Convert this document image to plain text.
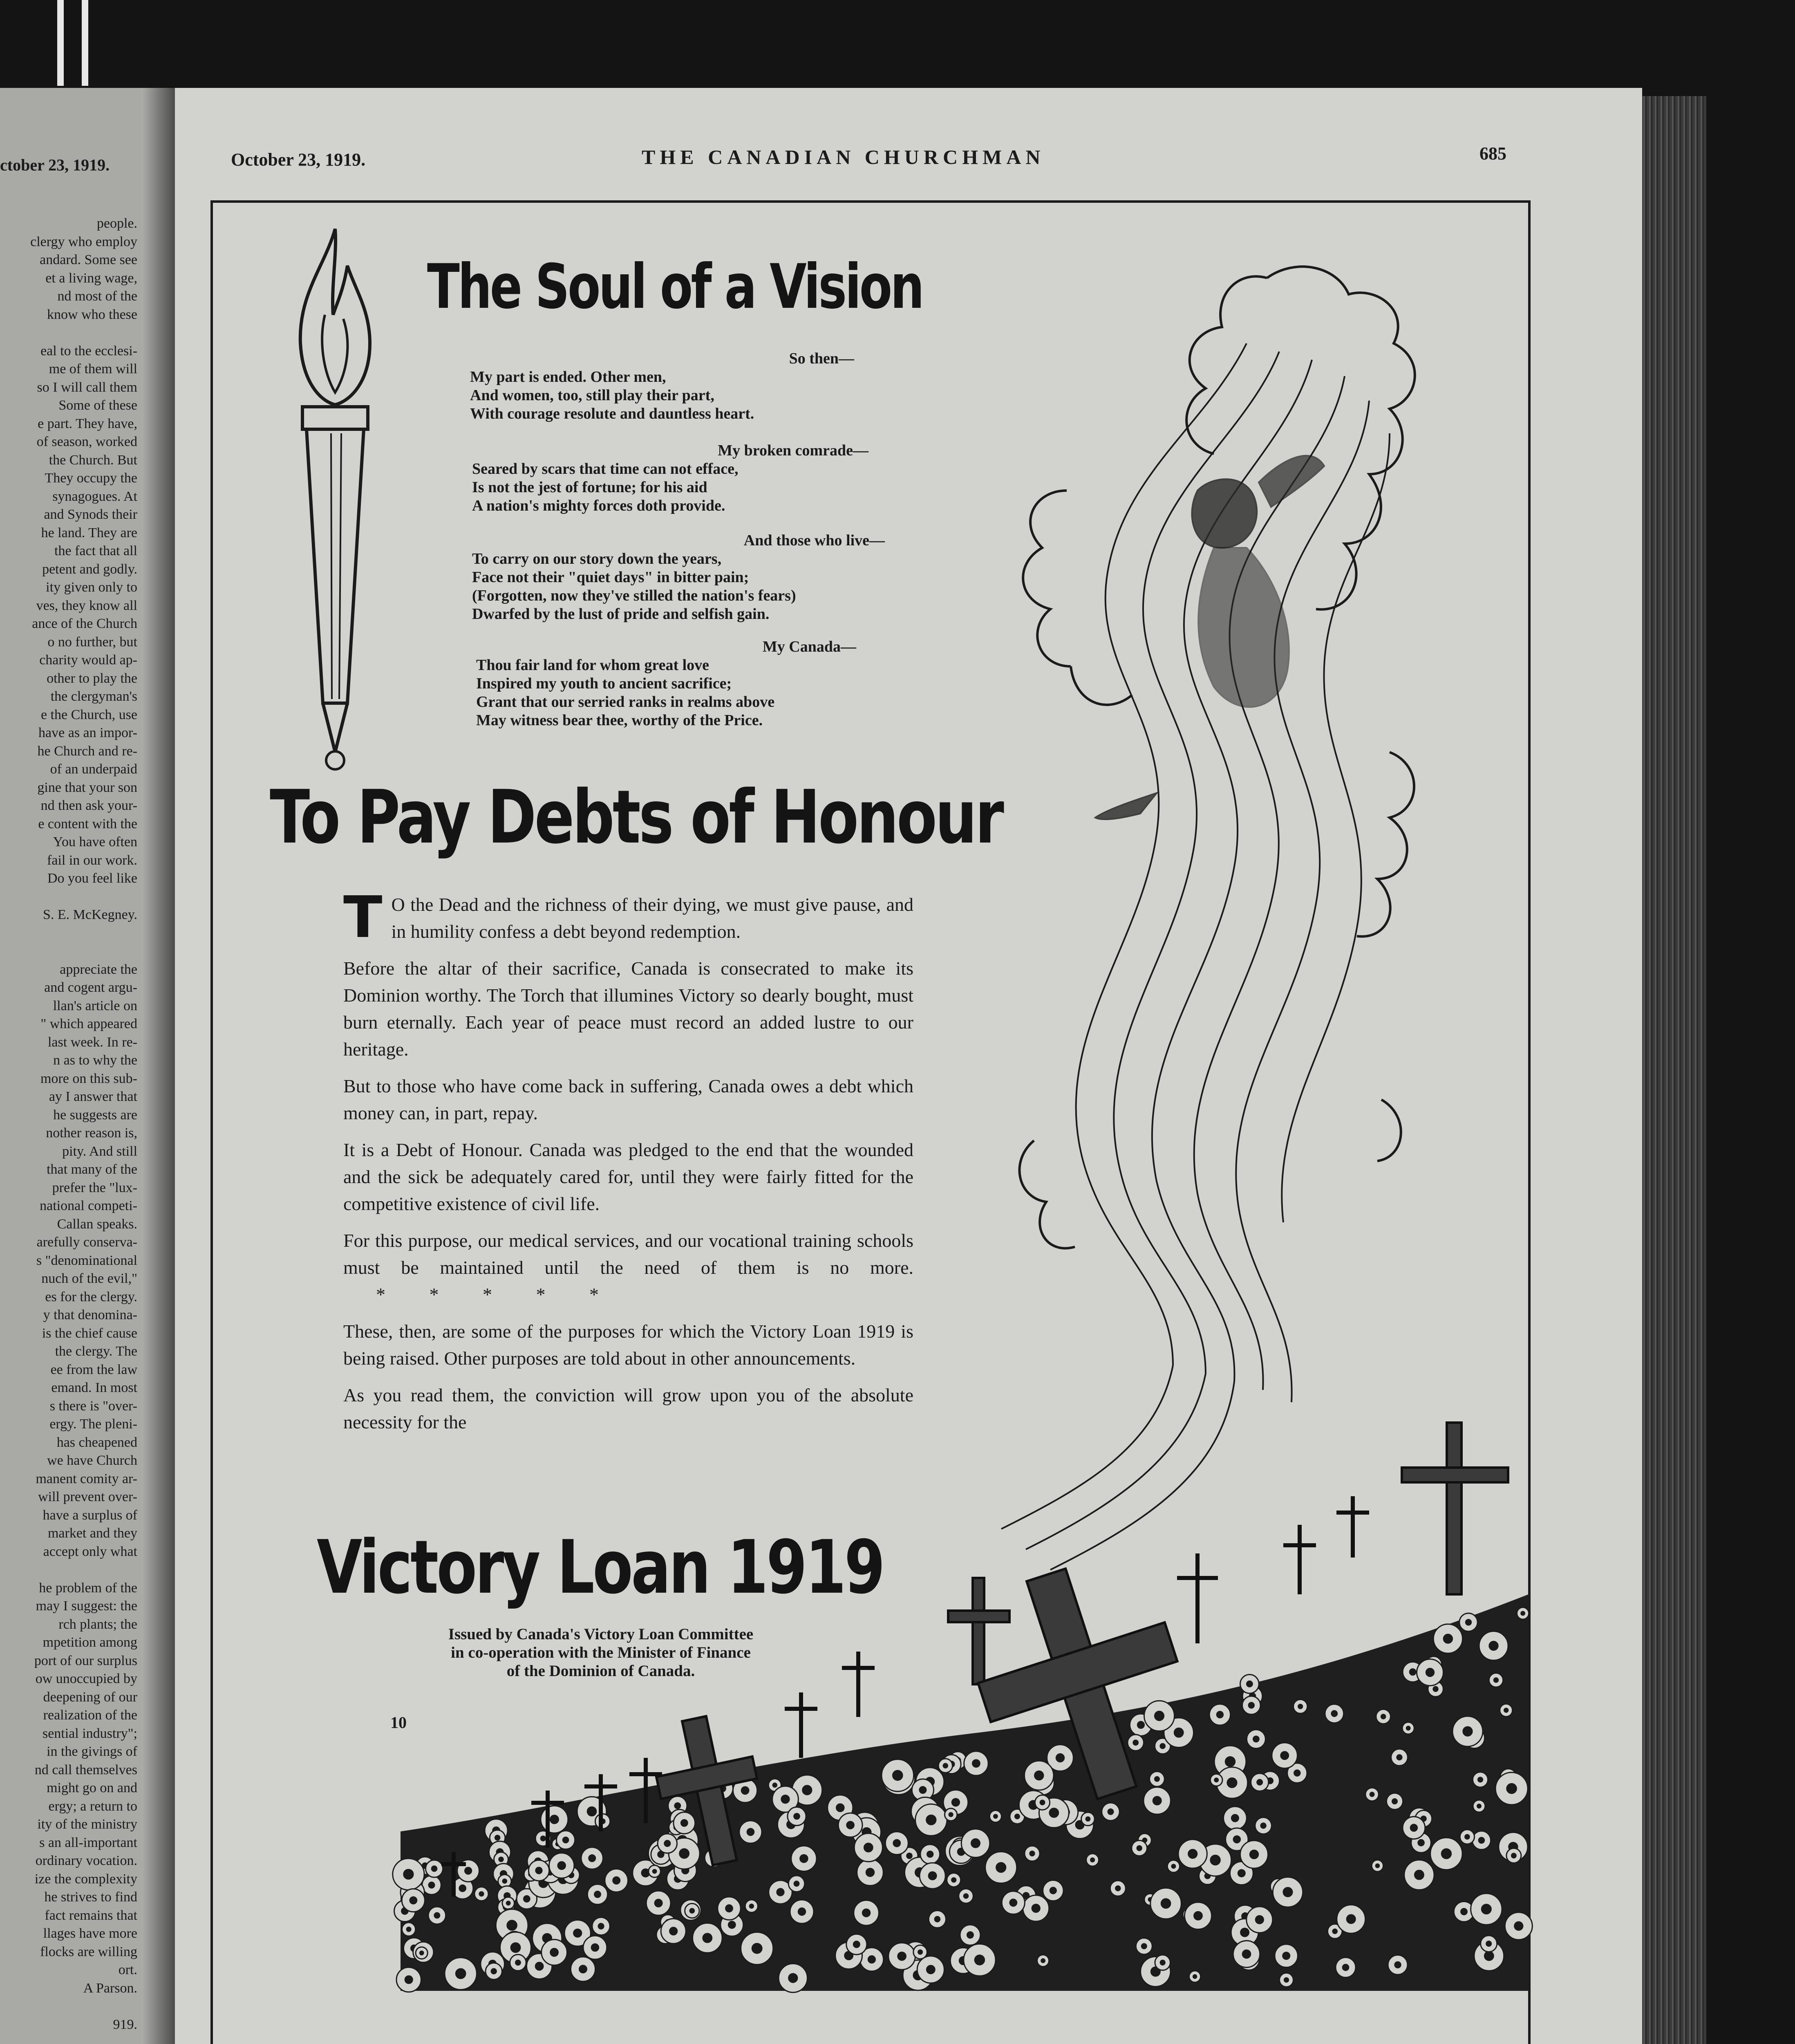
ctober 23, 1919.
people.
clergy who employ
andard. Some see
et a living wage,
nd most of the
know who these

eal to the ecclesi-
me of them will
so I will call them
Some of these
e part. They have,
of season, worked
the Church. But
They occupy the
synagogues. At
and Synods their
he land. They are
the fact that all
petent and godly.
ity given only to
ves, they know all
ance of the Church
o no further, but
charity would ap-
other to play the
the clergyman's
e the Church, use
have as an impor-
he Church and re-
of an underpaid
gine that your son
nd then ask your-
e content with the
You have often
fail in our work.
Do you feel like

S. E. McKegney.

appreciate the
and cogent argu-
llan's article on
" which appeared
last week. In re-
n as to why the
more on this sub-
ay I answer that
he suggests are
nother reason is,
pity. And still
that many of the
prefer the "lux-
national competi-
Callan speaks.
arefully conserva-
s "denominational
nuch of the evil,"
es for the clergy.
y that denomina-
is the chief cause
the clergy. The
ee from the law
emand. In most
s there is "over-
ergy. The pleni-
has cheapened
we have Church
manent comity ar-
will prevent over-
have a surplus of
market and they
accept only what

he problem of the
may I suggest: the
rch plants; the
mpetition among
port of our surplus
ow unoccupied by
deepening of our
realization of the
sential industry";
in the givings of
nd call themselves
might go on and
ergy; a return to
ity of the ministry
s an all-important
ordinary vocation.
ize the complexity
he strives to find
fact remains that
llages have more
flocks are willing
ort.
A Parson.

919.

October 23, 1919.	THE CANADIAN CHURCHMAN	685
The Soul of a Vision
So then—
My part is ended. Other men,
And women, too, still play their part,
With courage resolute and dauntless heart.
My broken comrade—
Seared by scars that time can not efface,
Is not the jest of fortune; for his aid
A nation's mighty forces doth provide.
And those who live—
To carry on our story down the years,
Face not their "quiet days" in bitter pain;
(Forgotten, now they've stilled the nation's fears)
Dwarfed by the lust of pride and selfish gain.
My Canada—
Thou fair land for whom great love
Inspired my youth to ancient sacrifice;
Grant that our serried ranks in realms above
May witness bear thee, worthy of the Price.
To Pay Debts of Honour

T O the Dead and the richness of their dying, we must give pause, and in humility confess a debt beyond redemption.

Before the altar of their sacrifice, Canada is consecrated to make its Dominion worthy. The Torch that illumines Victory so dearly bought, must burn eternally. Each year of peace must record an added lustre to our heritage.

But to those who have come back in suffering, Canada owes a debt which money can, in part, repay.

It is a Debt of Honour. Canada was pledged to the end that the wounded and the sick be adequately cared for, until they were fairly fitted for the competitive existence of civil life.

For this purpose, our medical services, and our vocational training schools must be maintained until the need of them is no more.* * * * *

These, then, are some of the purposes for which the Victory Loan 1919 is being raised. Other purposes are told about in other announcements.

As you read them, the conviction will grow upon you of the absolute necessity for the

Victory Loan 1919
Issued by Canada's Victory Loan Committee
in co-operation with the Minister of Finance
of the Dominion of Canada.
10
